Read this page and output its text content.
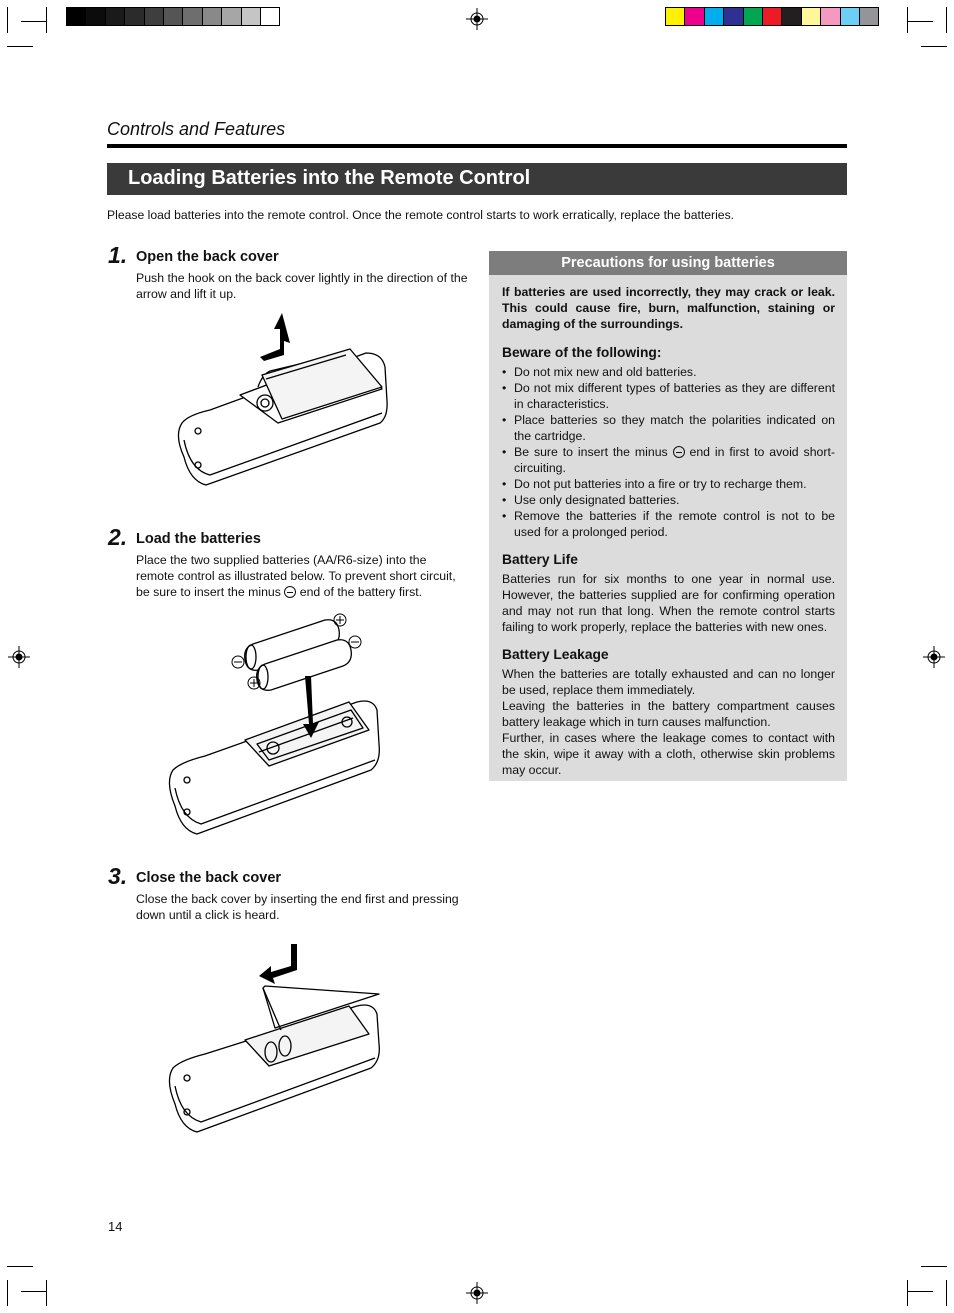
Controls and Features
Loading Batteries into the Remote Control
Please load batteries into the remote control. Once the remote control starts to work erratically, replace the batteries.
1. Open the back cover
Push the hook on the back cover lightly in the direction of the arrow and lift it up.
2. Load the batteries
Place the two supplied batteries (AA/R6-size) into the remote control as illustrated below. To prevent short circuit, be sure to insert the minus end of the battery first.
3. Close the back cover
Close the back cover by inserting the end first and pressing down until a click is heard.
Precautions for using batteries
If batteries are used incorrectly, they may crack or leak. This could cause fire, burn, malfunction, staining or damaging of the surroundings.
Beware of the following:
• Do not mix new and old batteries.
• Do not mix different types of batteries as they are different in characteristics.
• Place batteries so they match the polarities indicated on the cartridge.
• Be sure to insert the minus end in first to avoid short-circuiting.
• Do not put batteries into a fire or try to recharge them.
• Use only designated batteries.
• Remove the batteries if the remote control is not to be used for a prolonged period.
Battery Life
Batteries run for six months to one year in normal use. However, the batteries supplied are for confirming operation and may not run that long. When the remote control starts failing to work properly, replace the batteries with new ones.
Battery Leakage
When the batteries are totally exhausted and can no longer be used, replace them immediately.
Leaving the batteries in the battery compartment causes battery leakage which in turn causes malfunction.
Further, in cases where the leakage comes to contact with the skin, wipe it away with a cloth, otherwise skin problems may occur.
14
